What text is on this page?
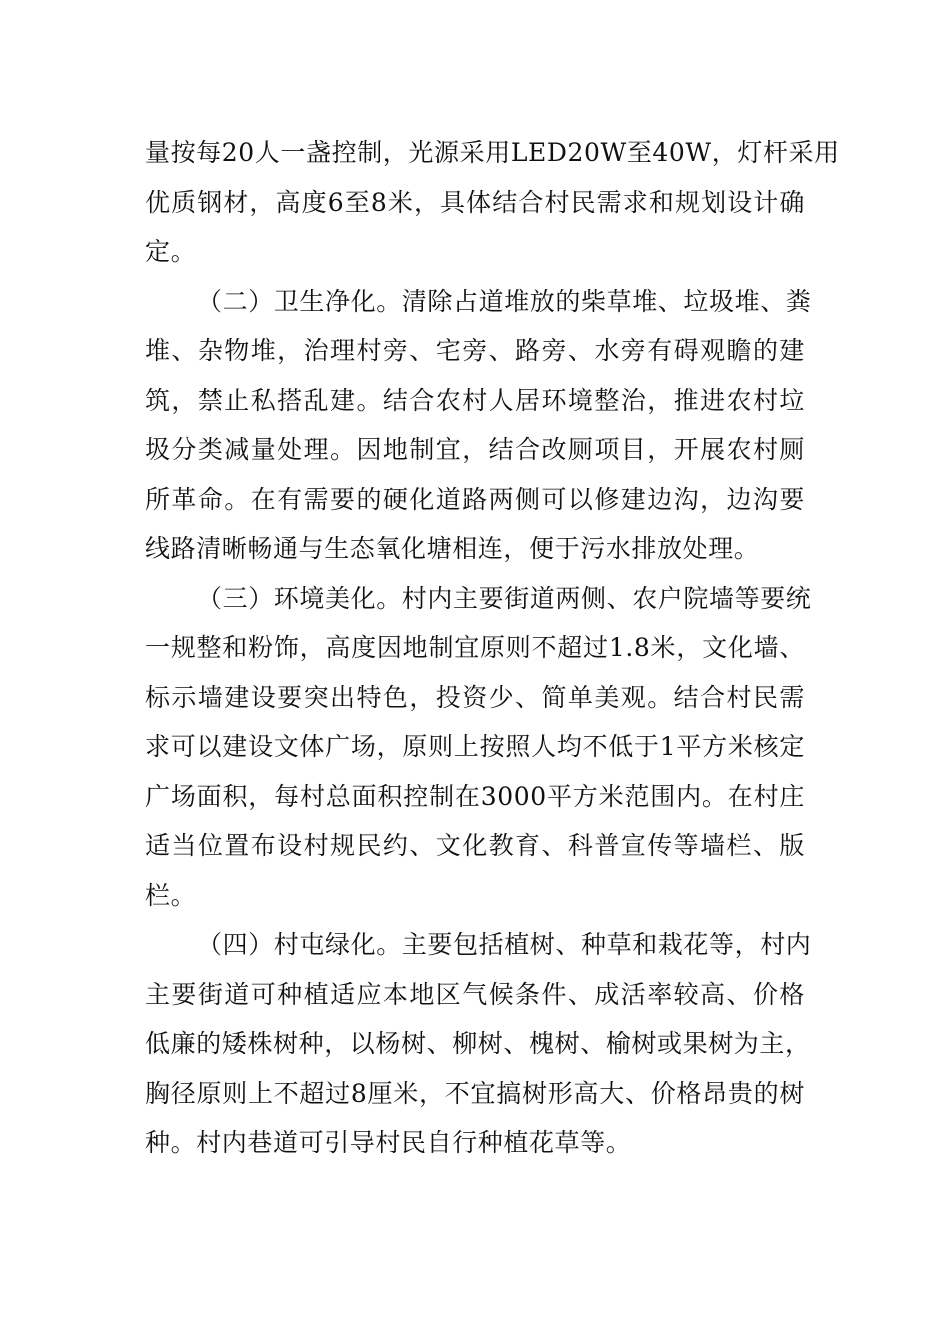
量按每20人一盏控制，光源采用LED20W至40W，灯杆采用
优质钢材，高度6至8米，具体结合村民需求和规划设计确
定。
（二）卫生净化。清除占道堆放的柴草堆、垃圾堆、粪
堆、杂物堆，治理村旁、宅旁、路旁、水旁有碍观瞻的建
筑，禁止私搭乱建。结合农村人居环境整治，推进农村垃
圾分类减量处理。因地制宜，结合改厕项目，开展农村厕
所革命。在有需要的硬化道路两侧可以修建边沟，边沟要
线路清晰畅通与生态氧化塘相连，便于污水排放处理。
（三）环境美化。村内主要街道两侧、农户院墙等要统
一规整和粉饰，高度因地制宜原则不超过1.8米，文化墙、
标示墙建设要突出特色，投资少、简单美观。结合村民需
求可以建设文体广场，原则上按照人均不低于1平方米核定
广场面积，每村总面积控制在3000平方米范围内。在村庄
适当位置布设村规民约、文化教育、科普宣传等墙栏、版
栏。
（四）村屯绿化。主要包括植树、种草和栽花等，村内
主要街道可种植适应本地区气候条件、成活率较高、价格
低廉的矮株树种，以杨树、柳树、槐树、榆树或果树为主，
胸径原则上不超过8厘米，不宜搞树形高大、价格昂贵的树
种。村内巷道可引导村民自行种植花草等。
